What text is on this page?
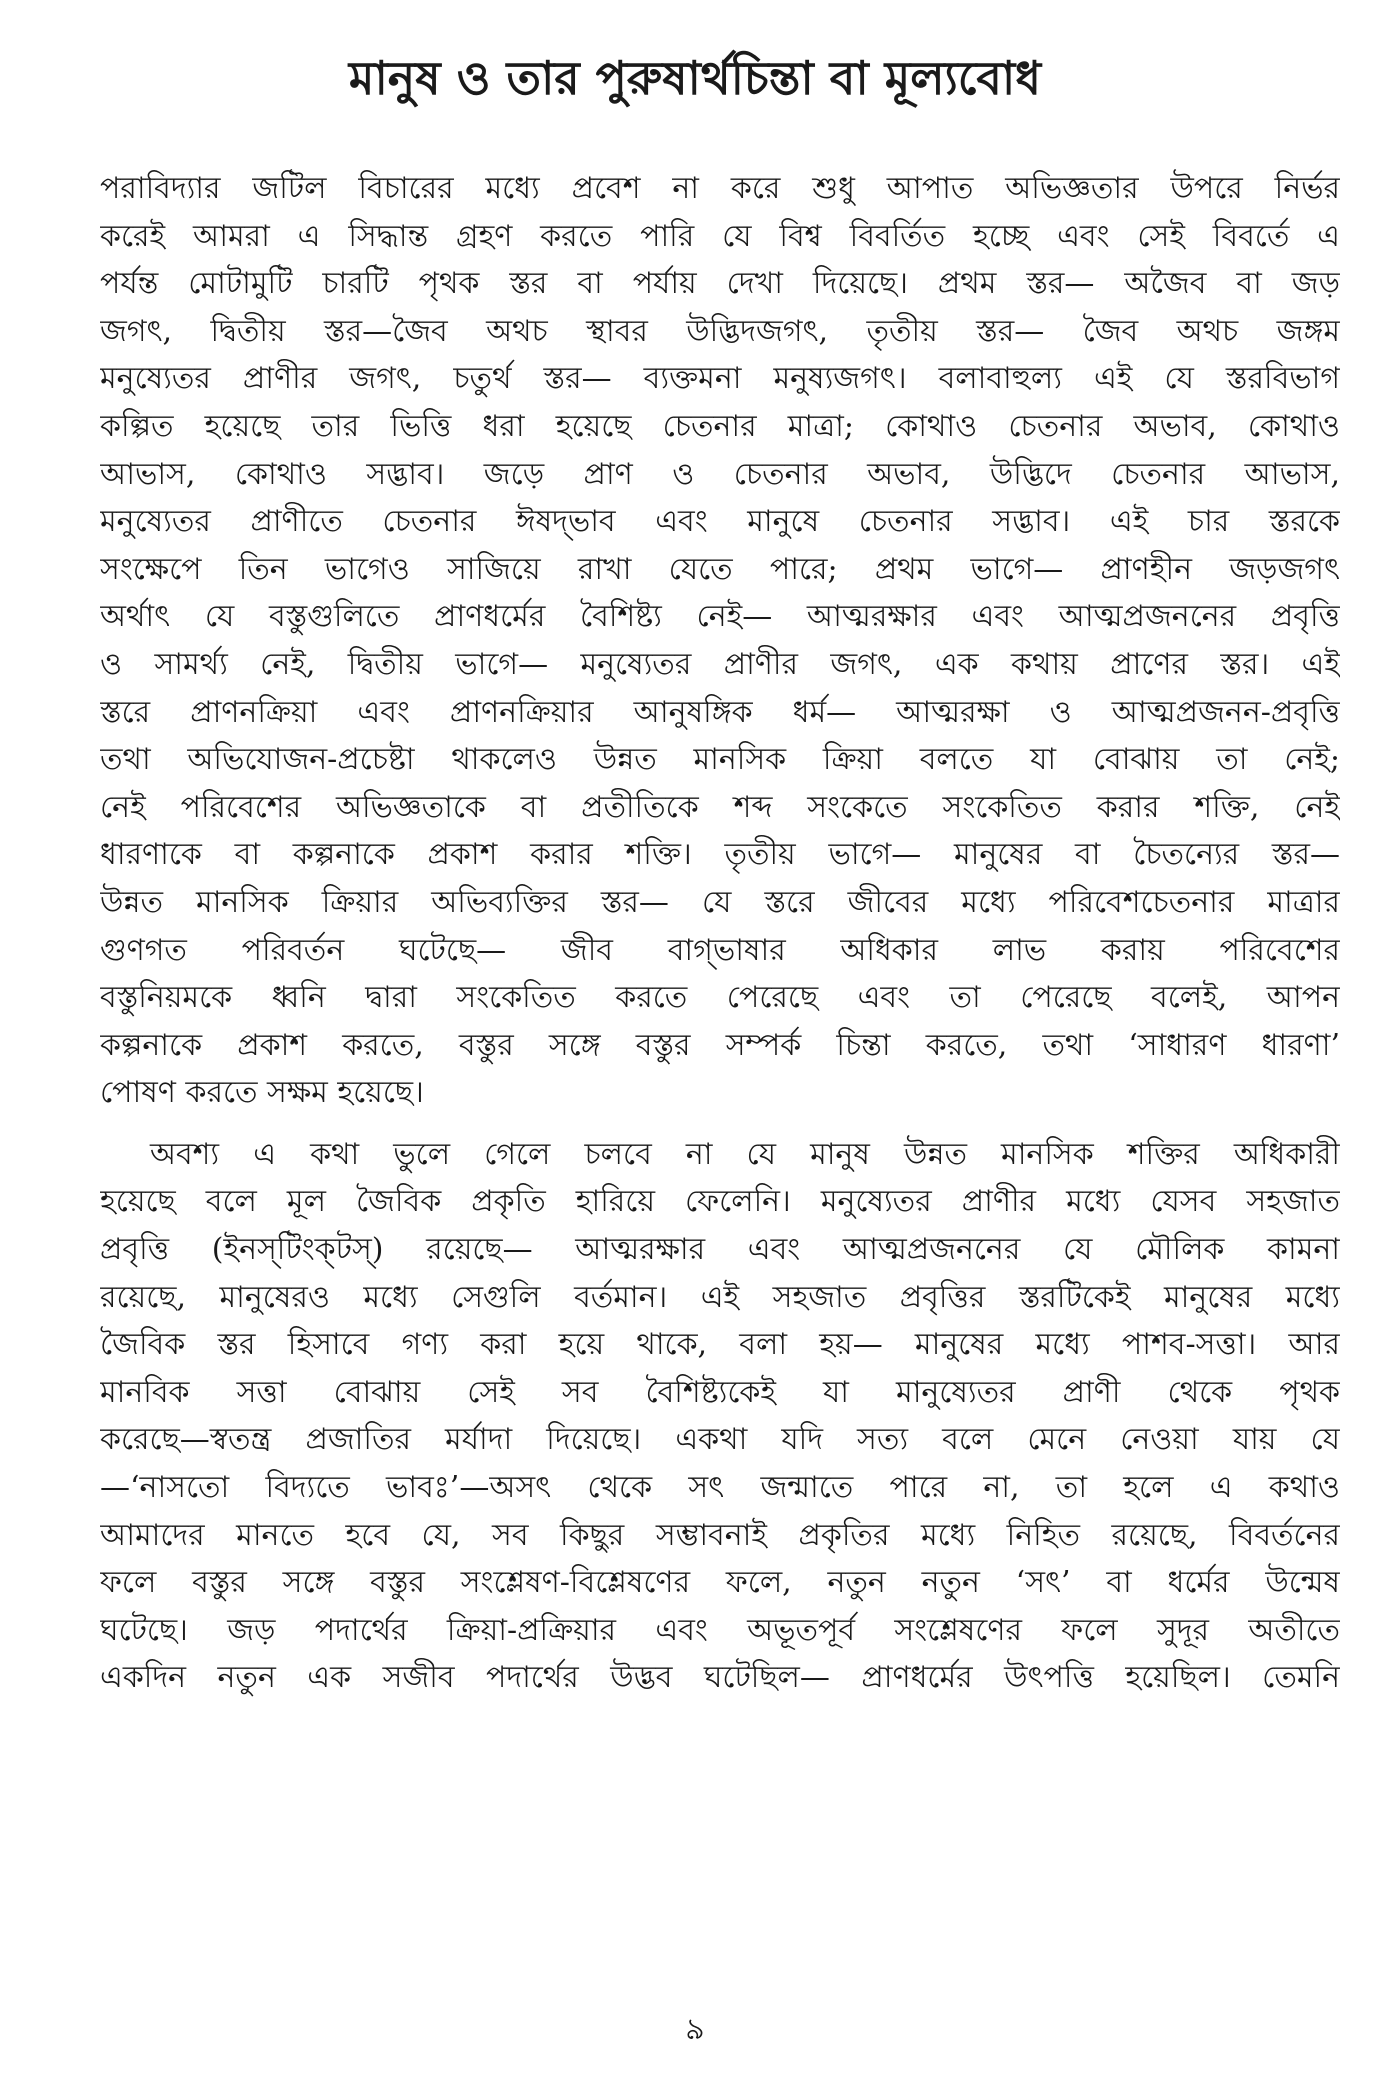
মানুষ ও তার পুরুষার্থচিন্তা বা মূল্যবোধ
পরাবিদ্যার জটিল বিচারের মধ্যে প্রবেশ না করে শুধু আপাত অভিজ্ঞতার উপরে নির্ভর
করেই আমরা এ সিদ্ধান্ত গ্রহণ করতে পারি যে বিশ্ব বিবর্তিত হচ্ছে এবং সেই বিবর্তে এ
পর্যন্ত মোটামুটি চারটি পৃথক স্তর বা পর্যায় দেখা দিয়েছে। প্রথম স্তর— অজৈব বা জড়
জগৎ, দ্বিতীয় স্তর—জৈব অথচ স্থাবর উদ্ভিদজগৎ, তৃতীয় স্তর— জৈব অথচ জঙ্গম
মনুষ্যেতর প্রাণীর জগৎ, চতুর্থ স্তর— ব্যক্তমনা মনুষ্যজগৎ। বলাবাহুল্য এই যে স্তরবিভাগ
কল্পিত হয়েছে তার ভিত্তি ধরা হয়েছে চেতনার মাত্রা; কোথাও চেতনার অভাব, কোথাও
আভাস, কোথাও সদ্ভাব। জড়ে প্রাণ ও চেতনার অভাব, উদ্ভিদে চেতনার আভাস,
মনুষ্যেতর প্রাণীতে চেতনার ঈষদ্‌ভাব এবং মানুষে চেতনার সদ্ভাব। এই চার স্তরকে
সংক্ষেপে তিন ভাগেও সাজিয়ে রাখা যেতে পারে; প্রথম ভাগে— প্রাণহীন জড়জগৎ
অর্থাৎ যে বস্তুগুলিতে প্রাণধর্মের বৈশিষ্ট্য নেই— আত্মরক্ষার এবং আত্মপ্রজননের প্রবৃত্তি
ও সামর্থ্য নেই, দ্বিতীয় ভাগে— মনুষ্যেতর প্রাণীর জগৎ, এক কথায় প্রাণের স্তর। এই
স্তরে প্রাণনক্রিয়া এবং প্রাণনক্রিয়ার আনুষঙ্গিক ধর্ম— আত্মরক্ষা ও আত্মপ্রজনন-প্রবৃত্তি
তথা অভিযোজন-প্রচেষ্টা থাকলেও উন্নত মানসিক ক্রিয়া বলতে যা বোঝায় তা নেই;
নেই পরিবেশের অভিজ্ঞতাকে বা প্রতীতিকে শব্দ সংকেতে সংকেতিত করার শক্তি, নেই
ধারণাকে বা কল্পনাকে প্রকাশ করার শক্তি। তৃতীয় ভাগে— মানুষের বা চৈতন্যের স্তর—
উন্নত মানসিক ক্রিয়ার অভিব্যক্তির স্তর— যে স্তরে জীবের মধ্যে পরিবেশচেতনার মাত্রার
গুণগত পরিবর্তন ঘটেছে— জীব বাগ্‌ভাষার অধিকার লাভ করায় পরিবেশের
বস্তুনিয়মকে ধ্বনি দ্বারা সংকেতিত করতে পেরেছে এবং তা পেরেছে বলেই, আপন
কল্পনাকে প্রকাশ করতে, বস্তুর সঙ্গে বস্তুর সম্পর্ক চিন্তা করতে, তথা ‘সাধারণ ধারণা’
পোষণ করতে সক্ষম হয়েছে।
অবশ্য এ কথা ভুলে গেলে চলবে না যে মানুষ উন্নত মানসিক শক্তির অধিকারী
হয়েছে বলে মূল জৈবিক প্রকৃতি হারিয়ে ফেলেনি। মনুষ্যেতর প্রাণীর মধ্যে যেসব সহজাত
প্রবৃত্তি (ইনস্‌টিংক্‌টস্‌) রয়েছে— আত্মরক্ষার এবং আত্মপ্রজননের যে মৌলিক কামনা
রয়েছে, মানুষেরও মধ্যে সেগুলি বর্তমান। এই সহজাত প্রবৃত্তির স্তরটিকেই মানুষের মধ্যে
জৈবিক স্তর হিসাবে গণ্য করা হয়ে থাকে, বলা হয়— মানুষের মধ্যে পাশব-সত্তা। আর
মানবিক সত্তা বোঝায় সেই সব বৈশিষ্ট্যকেই যা মানুষ্যেতর প্রাণী থেকে পৃথক
করেছে—স্বতন্ত্র প্রজাতির মর্যাদা দিয়েছে। একথা যদি সত্য বলে মেনে নেওয়া যায় যে
—‘নাসতো বিদ্যতে ভাবঃ’—অসৎ থেকে সৎ জন্মাতে পারে না, তা হলে এ কথাও
আমাদের মানতে হবে যে, সব কিছুর সম্ভাবনাই প্রকৃতির মধ্যে নিহিত রয়েছে, বিবর্তনের
ফলে বস্তুর সঙ্গে বস্তুর সংশ্লেষণ-বিশ্লেষণের ফলে, নতুন নতুন ‘সৎ’ বা ধর্মের উন্মেষ
ঘটেছে। জড় পদার্থের ক্রিয়া-প্রক্রিয়ার এবং অভূতপূর্ব সংশ্লেষণের ফলে সুদূর অতীতে
একদিন নতুন এক সজীব পদার্থের উদ্ভব ঘটেছিল— প্রাণধর্মের উৎপত্তি হয়েছিল। তেমনি
৯
